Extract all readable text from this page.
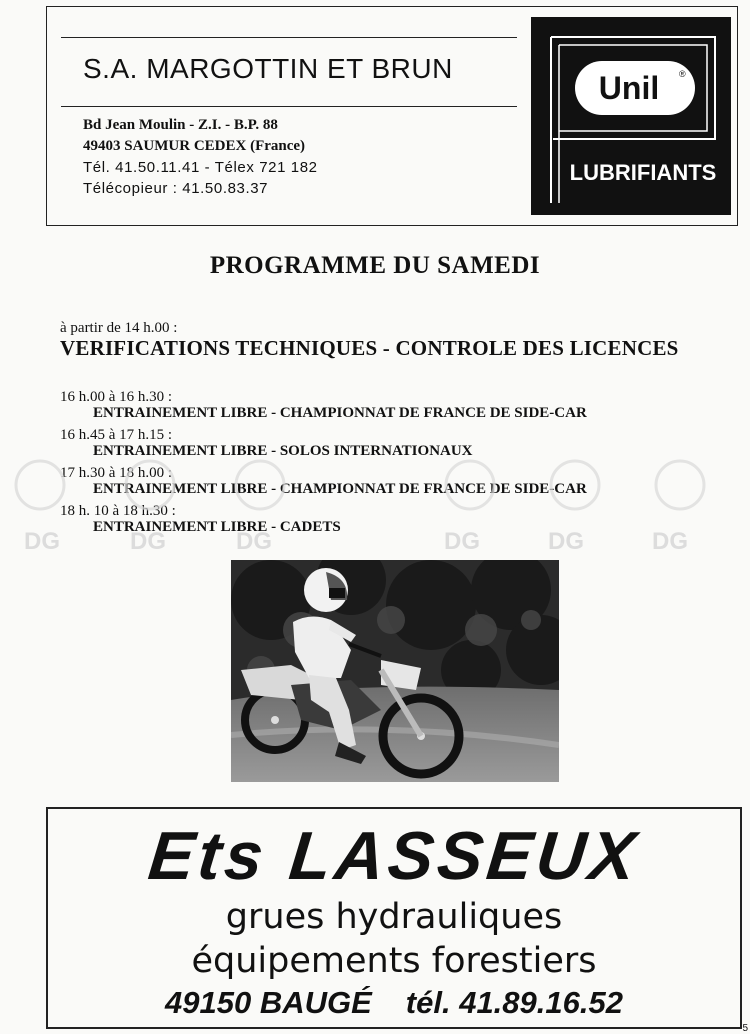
S.A. MARGOTTIN ET BRUN
Bd Jean Moulin - Z.I. - B.P. 88
49403 SAUMUR CEDEX (France)
Tél. 41.50.11.41 - Télex 721 182
Télécopieur : 41.50.83.37
Unil ®
LUBRIFIANTS
PROGRAMME DU SAMEDI
à partir de 14 h.00 :
VERIFICATIONS TECHNIQUES - CONTROLE DES LICENCES
16 h.00 à 16 h.30 :
ENTRAINEMENT LIBRE - CHAMPIONNAT DE FRANCE DE SIDE-CAR
16 h.45 à 17 h.15 :
ENTRAINEMENT LIBRE - SOLOS INTERNATIONAUX
17 h.30 à 18 h.00 :
ENTRAINEMENT LIBRE - CHAMPIONNAT DE FRANCE DE SIDE-CAR
18 h. 10 à 18 h.30 :
ENTRAINEMENT LIBRE - CADETS
DG	DG	DG	DG	DG	DG
Ets LASSEUX
grues hydrauliques
équipements forestiers
49150 BAUGÉ tél. 41.89.16.52
5
